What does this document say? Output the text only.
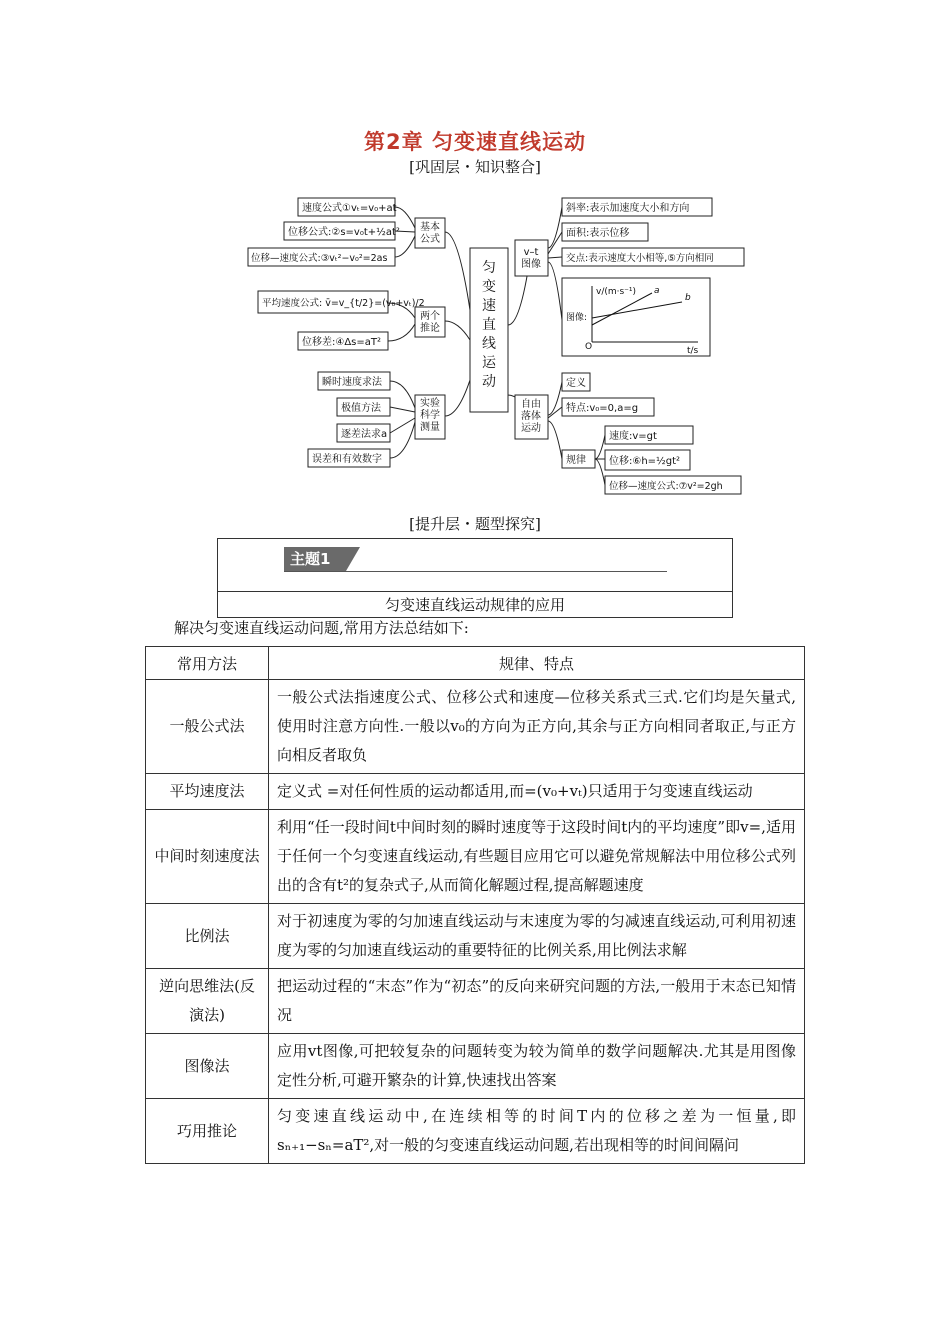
第2章 匀变速直线运动
[巩固层・知识整合]
速度公式①vₜ=v₀+at
位移公式:②s=v₀t+½at²
位移—速度公式:③vₜ²−v₀²=2as
平均速度公式: v̄=v_{t/2}=(v₀+vₜ)/2
位移差:④Δs=aT²
瞬时速度求法
极值方法
逐差法求a
误差和有效数字
斜率:表示加速度大小和方向
面积:表示位移
交点:表示速度大小相等,⑤方向相同
定义
特点:v₀=0,a=g
规律
速度:v=gt
位移:⑥h=½gt²
位移—速度公式:⑦v²=2gh
基本公式
两个推论
实验科学测量
v–t 图像
自由落体运动
匀变速直线运动
图像:
v/(m·s⁻¹)
t/s
O
a
b
[提升层・题型探究]
主题1
匀变速直线运动规律的应用
解决匀变速直线运动问题,常用方法总结如下:
常用方法	规律、特点
一般公式法	一般公式法指速度公式、位移公式和速度—位移关系式三式.它们均是矢量式,使用时注意方向性.一般以v₀的方向为正方向,其余与正方向相同者取正,与正方向相反者取负
平均速度法	定义式 =对任何性质的运动都适用,而=(v₀+vₜ)只适用于匀变速直线运动
中间时刻速度法	利用“任一段时间t中间时刻的瞬时速度等于这段时间t内的平均速度”即v=,适用于任何一个匀变速直线运动,有些题目应用它可以避免常规解法中用位移公式列出的含有t²的复杂式子,从而简化解题过程,提高解题速度
比例法	对于初速度为零的匀加速直线运动与末速度为零的匀减速直线运动,可利用初速度为零的匀加速直线运动的重要特征的比例关系,用比例法求解
逆向思维法(反演法)	把运动过程的“末态”作为“初态”的反向来研究问题的方法,一般用于末态已知情况
图像法	应用vt图像,可把较复杂的问题转变为较为简单的数学问题解决.尤其是用图像定性分析,可避开繁杂的计算,快速找出答案
巧用推论	匀变速直线运动中,在连续相等的时间T内的位移之差为一恒量,即sₙ₊₁−sₙ=aT²,对一般的匀变速直线运动问题,若出现相等的时间间隔问
